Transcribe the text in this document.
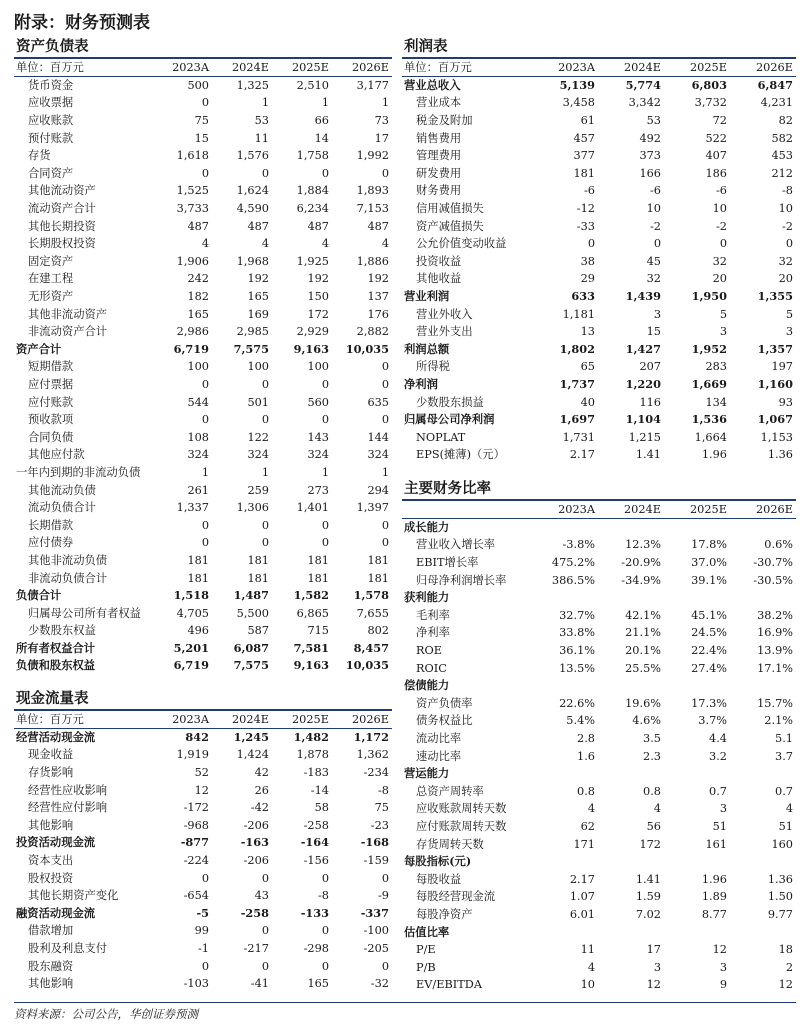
附录：财务预测表
资产负债表
单位：百万元	2023A	2024E	2025E	2026E
货币资金	500	1,325	2,510	3,177
应收票据	0	1	1	1
应收账款	75	53	66	73
预付账款	15	11	14	17
存货	1,618	1,576	1,758	1,992
合同资产	0	0	0	0
其他流动资产	1,525	1,624	1,884	1,893
流动资产合计	3,733	4,590	6,234	7,153
其他长期投资	487	487	487	487
长期股权投资	4	4	4	4
固定资产	1,906	1,968	1,925	1,886
在建工程	242	192	192	192
无形资产	182	165	150	137
其他非流动资产	165	169	172	176
非流动资产合计	2,986	2,985	2,929	2,882
资产合计	6,719	7,575	9,163	10,035
短期借款	100	100	100	0
应付票据	0	0	0	0
应付账款	544	501	560	635
预收款项	0	0	0	0
合同负债	108	122	143	144
其他应付款	324	324	324	324
一年内到期的非流动负债	1	1	1	1
其他流动负债	261	259	273	294
流动负债合计	1,337	1,306	1,401	1,397
长期借款	0	0	0	0
应付债券	0	0	0	0
其他非流动负债	181	181	181	181
非流动负债合计	181	181	181	181
负债合计	1,518	1,487	1,582	1,578
归属母公司所有者权益	4,705	5,500	6,865	7,655
少数股东权益	496	587	715	802
所有者权益合计	5,201	6,087	7,581	8,457
负债和股东权益	6,719	7,575	9,163	10,035
现金流量表
单位：百万元	2023A	2024E	2025E	2026E
经营活动现金流	842	1,245	1,482	1,172
现金收益	1,919	1,424	1,878	1,362
存货影响	52	42	-183	-234
经营性应收影响	12	26	-14	-8
经营性应付影响	-172	-42	58	75
其他影响	-968	-206	-258	-23
投资活动现金流	-877	-163	-164	-168
资本支出	-224	-206	-156	-159
股权投资	0	0	0	0
其他长期资产变化	-654	43	-8	-9
融资活动现金流	-5	-258	-133	-337
借款增加	99	0	0	-100
股利及利息支付	-1	-217	-298	-205
股东融资	0	0	0	0
其他影响	-103	-41	165	-32
利润表
单位：百万元	2023A	2024E	2025E	2026E
营业总收入	5,139	5,774	6,803	6,847
营业成本	3,458	3,342	3,732	4,231
税金及附加	61	53	72	82
销售费用	457	492	522	582
管理费用	377	373	407	453
研发费用	181	166	186	212
财务费用	-6	-6	-6	-8
信用减值损失	-12	10	10	10
资产减值损失	-33	-2	-2	-2
公允价值变动收益	0	0	0	0
投资收益	38	45	32	32
其他收益	29	32	20	20
营业利润	633	1,439	1,950	1,355
营业外收入	1,181	3	5	5
营业外支出	13	15	3	3
利润总额	1,802	1,427	1,952	1,357
所得税	65	207	283	197
净利润	1,737	1,220	1,669	1,160
少数股东损益	40	116	134	93
归属母公司净利润	1,697	1,104	1,536	1,067
NOPLAT	1,731	1,215	1,664	1,153
EPS(摊薄)（元）	2.17	1.41	1.96	1.36
主要财务比率
	2023A	2024E	2025E	2026E
成长能力				
营业收入增长率	-3.8%	12.3%	17.8%	0.6%
EBIT增长率	475.2%	-20.9%	37.0%	-30.7%
归母净利润增长率	386.5%	-34.9%	39.1%	-30.5%
获利能力				
毛利率	32.7%	42.1%	45.1%	38.2%
净利率	33.8%	21.1%	24.5%	16.9%
ROE	36.1%	20.1%	22.4%	13.9%
ROIC	13.5%	25.5%	27.4%	17.1%
偿债能力				
资产负债率	22.6%	19.6%	17.3%	15.7%
债务权益比	5.4%	4.6%	3.7%	2.1%
流动比率	2.8	3.5	4.4	5.1
速动比率	1.6	2.3	3.2	3.7
营运能力				
总资产周转率	0.8	0.8	0.7	0.7
应收账款周转天数	4	4	3	4
应付账款周转天数	62	56	51	51
存货周转天数	171	172	161	160
每股指标(元)				
每股收益	2.17	1.41	1.96	1.36
每股经营现金流	1.07	1.59	1.89	1.50
每股净资产	6.01	7.02	8.77	9.77
估值比率				
P/E	11	17	12	18
P/B	4	3	3	2
EV/EBITDA	10	12	9	12
资料来源：公司公告，华创证券预测
